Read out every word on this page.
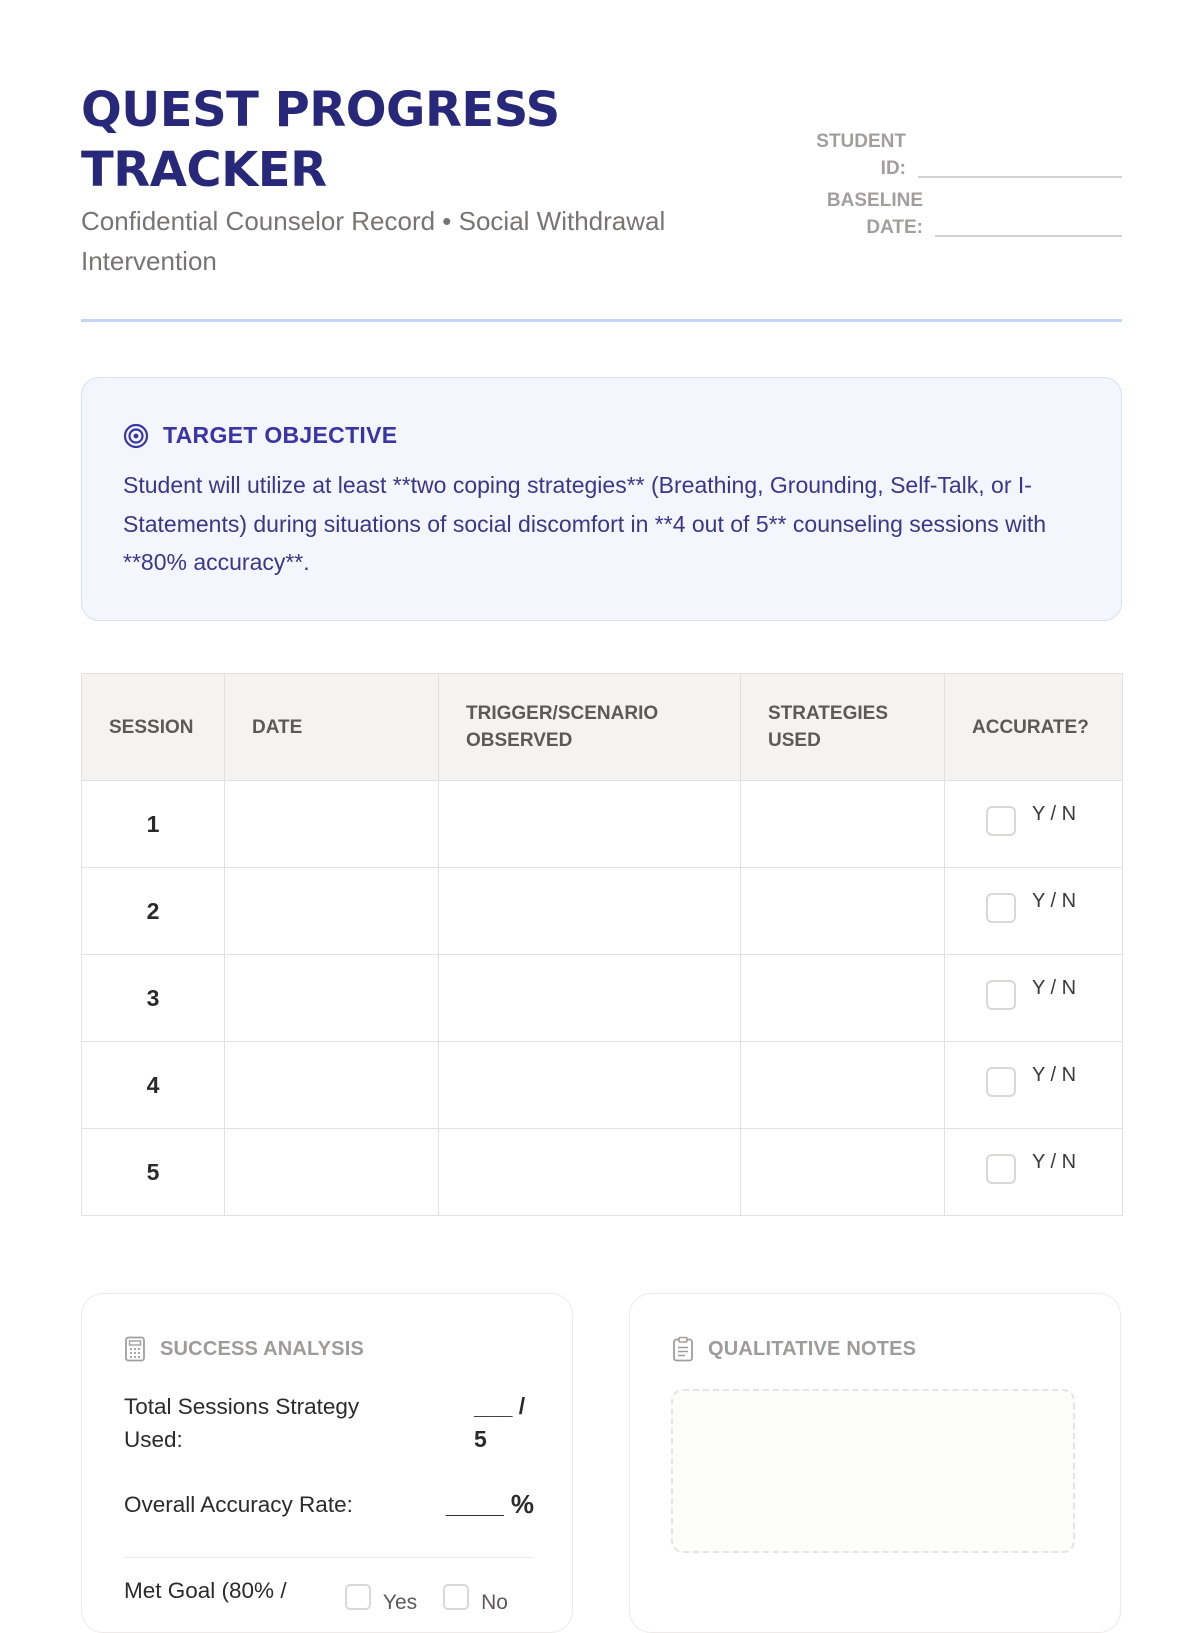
QUEST PROGRESS TRACKER
Confidential Counselor Record • Social Withdrawal Intervention
STUDENT ID:
BASELINE DATE:
TARGET OBJECTIVE
Student will utilize at least **two coping strategies** (Breathing, Grounding, Self-Talk, or I-Statements) during situations of social discomfort in **4 out of 5** counseling sessions with **80% accuracy**.
SESSION	DATE	TRIGGER/SCENARIO OBSERVED	STRATEGIES USED	ACCURATE?
1				Y / N

2				Y / N

3				Y / N

4				Y / N

5				Y / N
SUCCESS ANALYSIS
Total Sessions Strategy Used:
___ / 5
Overall Accuracy Rate:	____ %
Met Goal (80% /	Yes	No
QUALITATIVE NOTES
